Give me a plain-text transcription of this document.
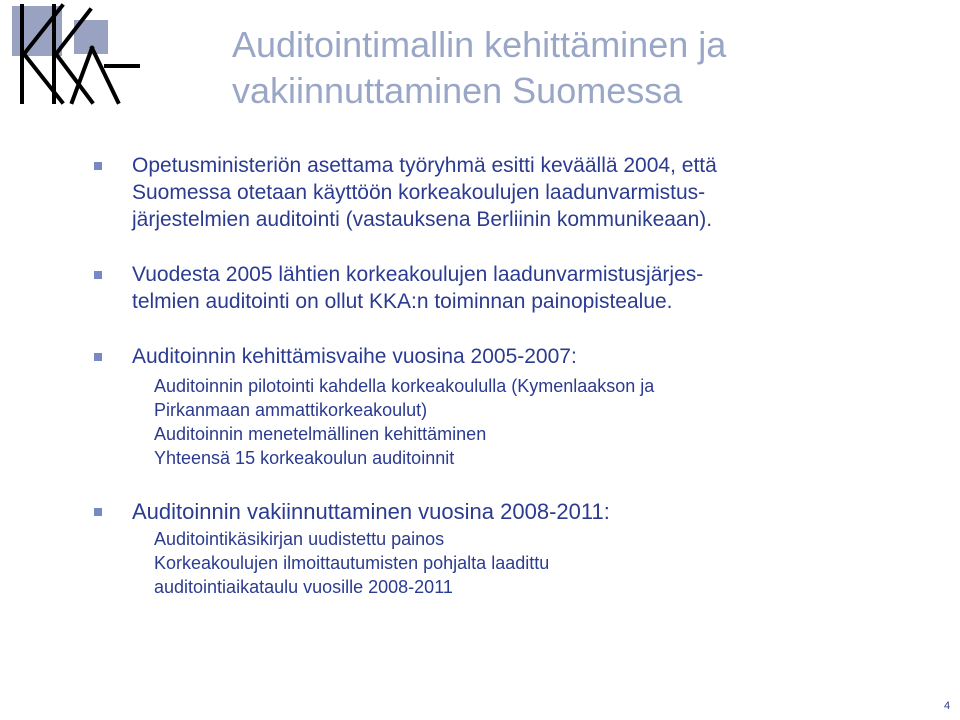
Auditointimallin kehittäminen ja
vakiinnuttaminen Suomessa
Opetusministeriön asettama työryhmä esitti keväällä 2004, että
Suomessa otetaan käyttöön korkeakoulujen laadunvarmistus-
järjestelmien auditointi (vastauksena Berliinin kommunikeaan).
Vuodesta 2005 lähtien korkeakoulujen laadunvarmistusjärjes-
telmien auditointi on ollut KKA:n toiminnan painopistealue.
Auditoinnin kehittämisvaihe vuosina 2005-2007:
Auditoinnin pilotointi kahdella korkeakoululla (Kymenlaakson ja
Pirkanmaan ammattikorkeakoulut)
Auditoinnin menetelmällinen kehittäminen
Yhteensä 15 korkeakoulun auditoinnit
Auditoinnin vakiinnuttaminen vuosina 2008-2011:
Auditointikäsikirjan uudistettu painos
Korkeakoulujen ilmoittautumisten pohjalta laadittu
auditointiaikataulu vuosille 2008-2011
4
